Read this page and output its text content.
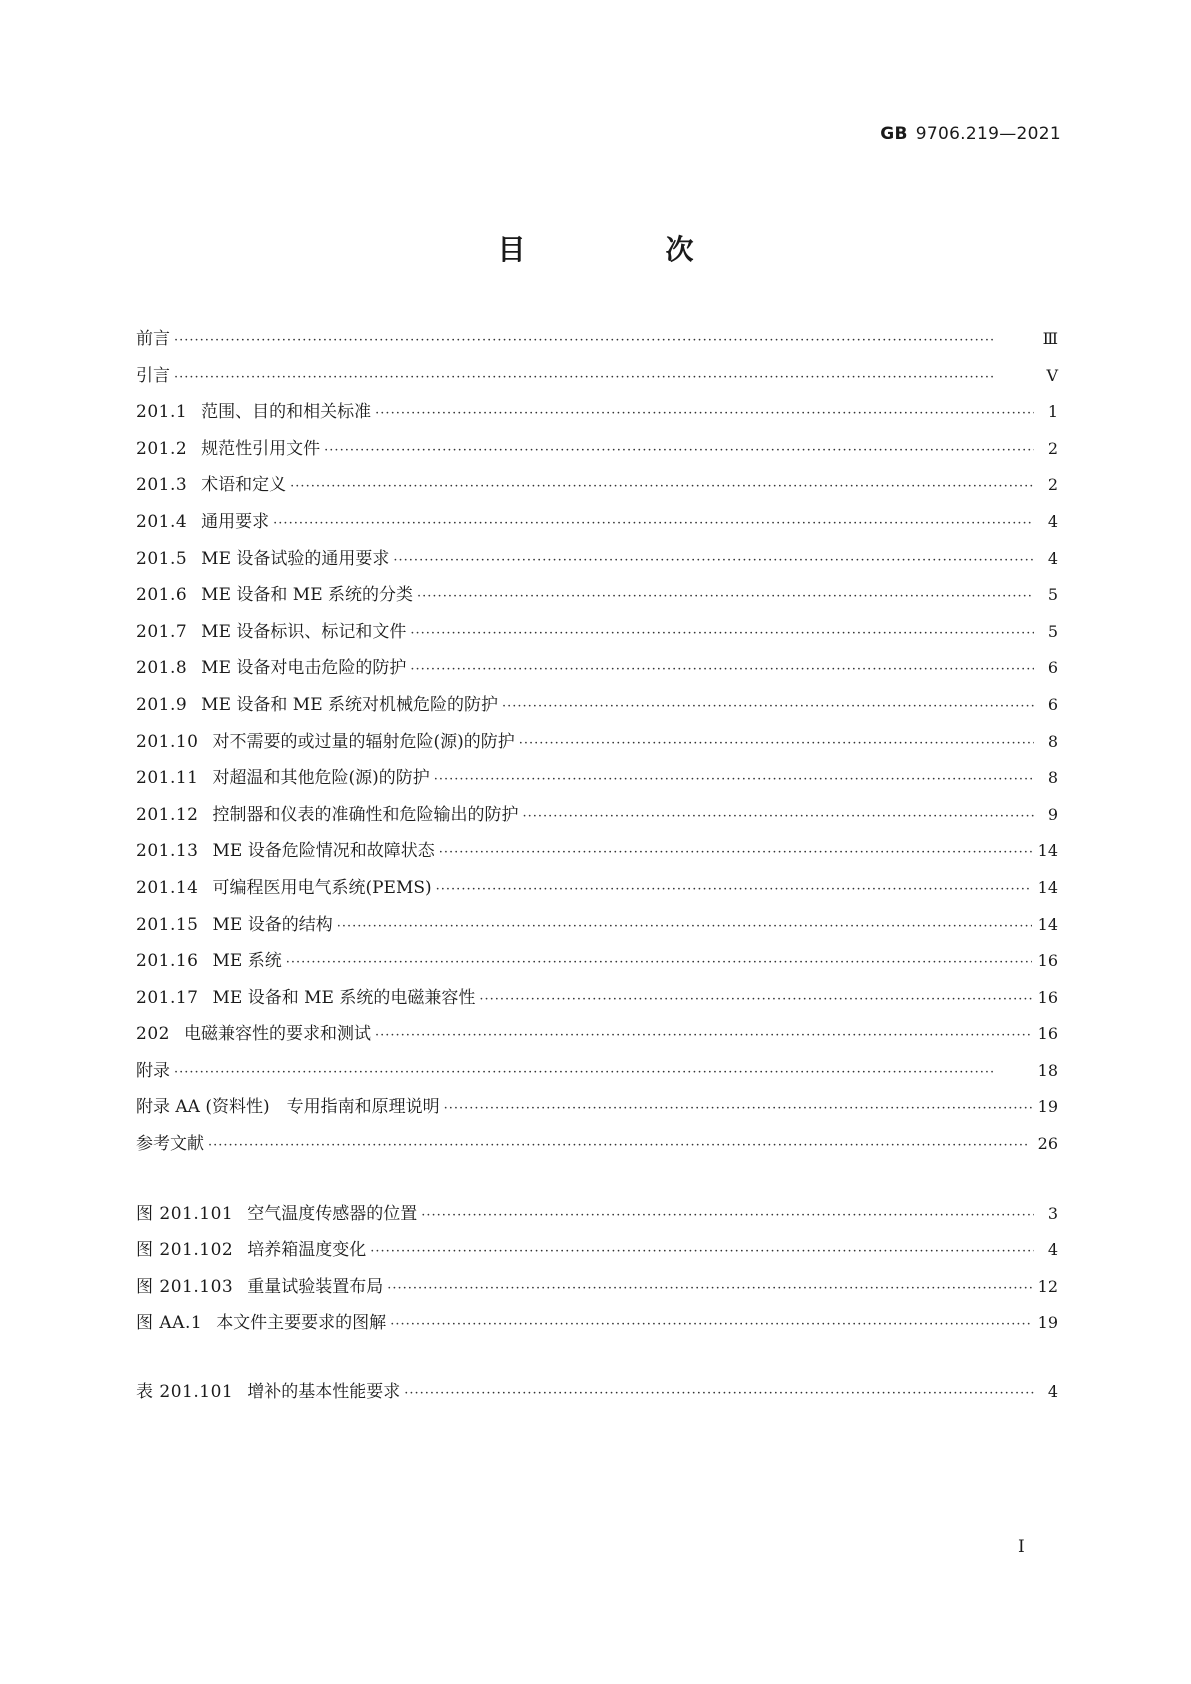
GB 9706.219—2021
目　次
前言 ·····	Ⅲ
引言 ·····	Ⅴ
201.1 范围、目的和相关标准 ·····	1
201.2 规范性引用文件 ·····	2
201.3 术语和定义 ·····	2
201.4 通用要求 ·····	4
201.5 ME 设备试验的通用要求 ·····	4
201.6 ME 设备和 ME 系统的分类 ·····	5
201.7 ME 设备标识、标记和文件 ·····	5
201.8 ME 设备对电击危险的防护 ·····	6
201.9 ME 设备和 ME 系统对机械危险的防护 ·····	6
201.10 对不需要的或过量的辐射危险(源)的防护 ·····	8
201.11 对超温和其他危险(源)的防护 ·····	8
201.12 控制器和仪表的准确性和危险输出的防护 ·····	9
201.13 ME 设备危险情况和故障状态 ·····	14
201.14 可编程医用电气系统(PEMS) ·····	14
201.15 ME 设备的结构 ·····	14
201.16 ME 系统 ·····	16
201.17 ME 设备和 ME 系统的电磁兼容性 ·····	16
202 电磁兼容性的要求和测试 ·····	16
附录 ·····	18
附录 AA (资料性)　专用指南和原理说明 ·····	19
参考文献 ·····	26
图 201.101 空气温度传感器的位置 ·····	3
图 201.102 培养箱温度变化 ·····	4
图 201.103 重量试验装置布局 ·····	12
图 AA.1 本文件主要要求的图解 ·····	19
表 201.101 增补的基本性能要求 ·····	4
I
